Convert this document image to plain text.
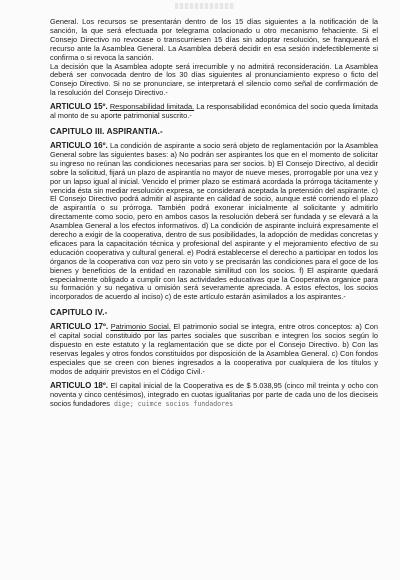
General. Los recursos se presentarán dentro de los 15 días siguientes a la notificación de la sanción, la que será efectuada por telegrama colacionado u otro mecanismo fehaciente. Si el Consejo Directivo no revocase o transcurriesen 15 días sin adoptar resolución, se franqueará el recurso ante la Asamblea General. La Asamblea deberá decidir en esa sesión indefectiblemente si confirma o si revoca la sanción.

La decisión que la Asamblea adopte será irrecurrible y no admitirá reconsideración. La Asamblea deberá ser convocada dentro de los 30 días siguientes al pronunciamiento expreso o ficto del Consejo Directivo. Si no se pronunciare, se interpretará el silencio como señal de confirmación de la resolución del Consejo Directivo.-

ARTICULO 15º. Responsabilidad limitada. La responsabilidad económica del socio queda limitada al monto de su aporte patrimonial suscrito.-
CAPITULO III. ASPIRANTIA.-
ARTICULO 16º. La condición de aspirante a socio será objeto de reglamentación por la Asamblea General sobre las siguientes bases: a) No podrán ser aspirantes los que en el momento de solicitar su ingreso no reúnan las condiciones necesarias para ser socios. b) El Consejo Directivo, al decidir sobre la solicitud, fijará un plazo de aspirantía no mayor de nueve meses, prorrogable por una vez y por un lapso igual al inicial. Vencido el primer plazo se estimará acordada la prórroga tácitamente y vencida ésta sin mediar resolución expresa, se considerará aceptada la pretensión del aspirante. c) El Consejo Directivo podrá admitir al aspirante en calidad de socio, aunque esté corriendo el plazo de aspirantía o su prórroga. También podrá exonerar inicialmente al solicitante y admitirlo directamente como socio, pero en ambos casos la resolución deberá ser fundada y se elevará a la Asamblea General a los efectos informativos. d) La condición de aspirante incluirá expresamente el derecho a exigir de la cooperativa, dentro de sus posibilidades, la adopción de medidas concretas y eficaces para la capacitación técnica y profesional del aspirante y el mejoramiento efectivo de su educación cooperativa y cultural general. e) Podrá establecerse el derecho a participar en todos los órganos de la cooperativa con voz pero sin voto y se precisarán las condiciones para el goce de los bienes y beneficios de la entidad en razonable similitud con los socios. f) El aspirante quedará especialmente obligado a cumplir con las actividades educativas que la Cooperativa organice para su formación y su negativa u omisión será severamente apreciada. A estos efectos, los socios incorporados de acuerdo al inciso) c) de este artículo estarán asimilados a los aspirantes.-
CAPITULO IV.-
ARTICULO 17º. Patrimonio Social. El patrimonio social se integra, entre otros conceptos: a) Con el capital social constituido por las partes sociales que suscriban e integren los socios según lo dispuesto en este estatuto y la reglamentación que se dicte por el Consejo Directivo. b) Con las reservas legales y otros fondos constituidos por disposición de la Asamblea General. c) Con fondos especiales que se creen con bienes ingresados a la cooperativa por cualquiera de los títulos y modos de adquirir previstos en el Código Civil.-
ARTICULO 18º. El capital inicial de la Cooperativa es de $ 5.038,95 (cinco mil treinta y ocho con noventa y cinco centésimos), integrado en cuotas igualitarias por parte de cada uno de los dieciseis socios fundadores dige; cuimce socios fundadores
